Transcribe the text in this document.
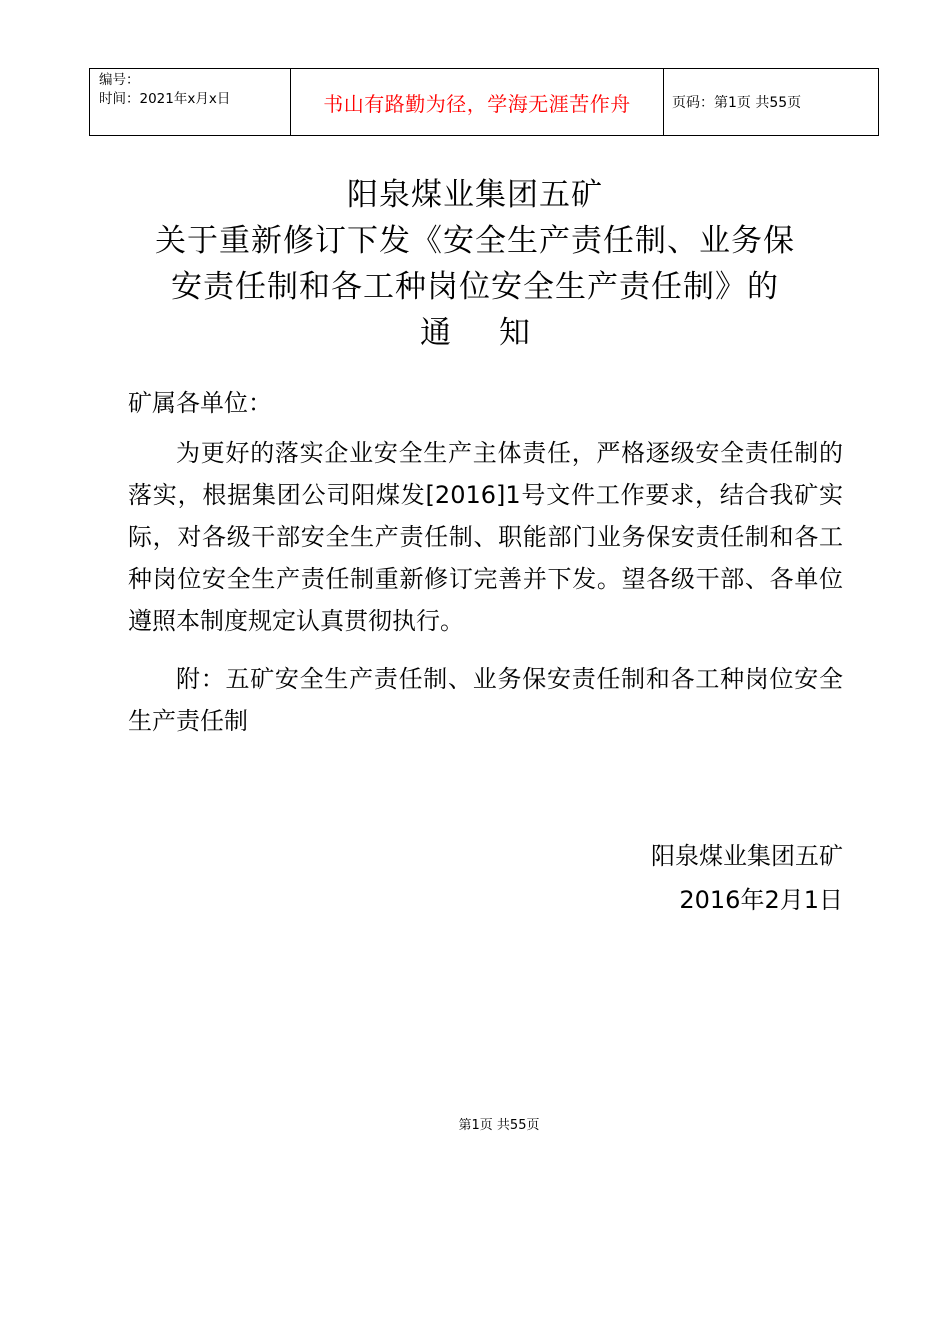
编号：
时间：2021年x月x日	书山有路勤为径，学海无涯苦作舟	页码：第1页 共55页
阳泉煤业集团五矿
关于重新修订下发《安全生产责任制、业务保
安责任制和各工种岗位安全生产责任制》的
通知
矿属各单位：
为更好的落实企业安全生产主体责任，严格逐级安全责任制的落实，根据集团公司阳煤发[2016]1号文件工作要求，结合我矿实际，对各级干部安全生产责任制、职能部门业务保安责任制和各工种岗位安全生产责任制重新修订完善并下发。望各级干部、各单位遵照本制度规定认真贯彻执行。
附：五矿安全生产责任制、业务保安责任制和各工种岗位安全生产责任制
阳泉煤业集团五矿
2016年2月1日
第1页 共55页
